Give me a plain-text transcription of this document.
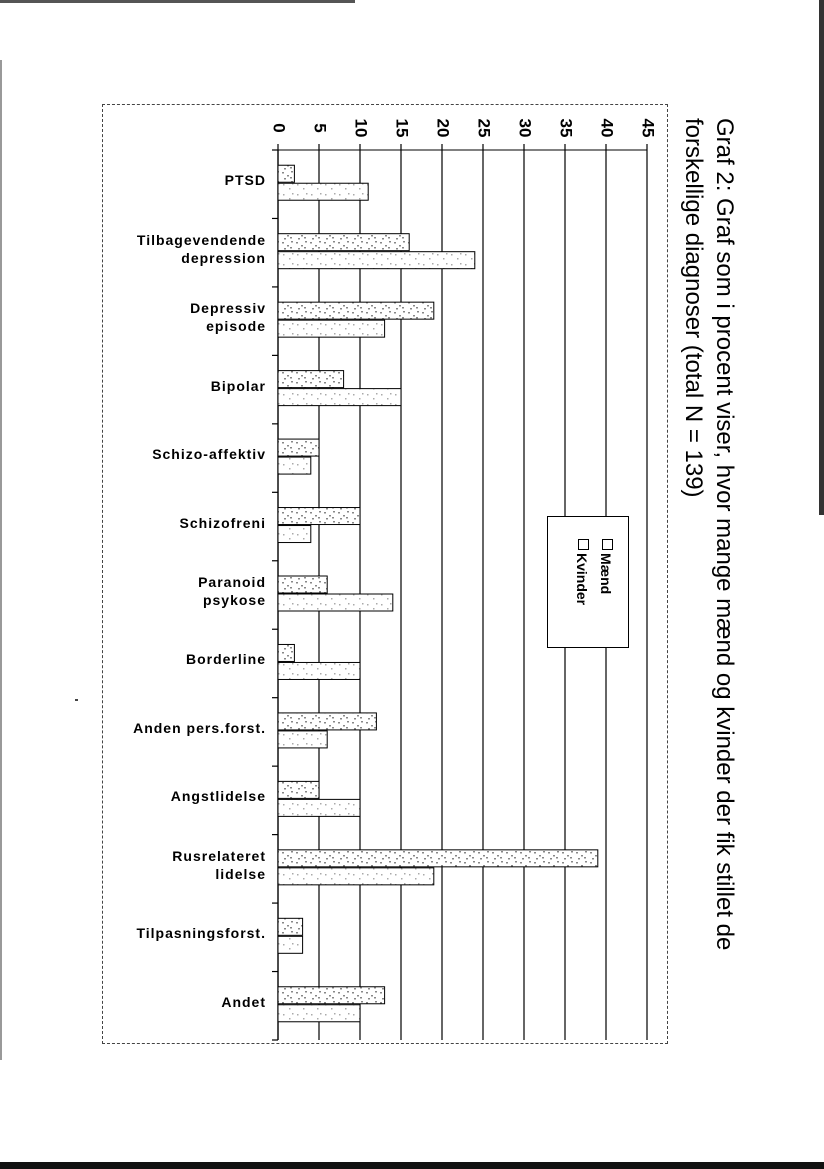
Graf 2: Graf som i procent viser, hvor mange mænd og kvinder der fik stillet de
forskellige diagnoser (total N = 139)
0 5 10 15 20 25 30 35 40 45
PTSD
Tilbagevendende
depression
Depressiv
episode
Bipolar
Schizo-affektiv
Schizofreni
Paranoid
psykose
Borderline
Anden pers.forst.
Angstlidelse
Rusrelateret
lidelse
Tilpasningsforst.
Andet
Mænd
Kvinder
